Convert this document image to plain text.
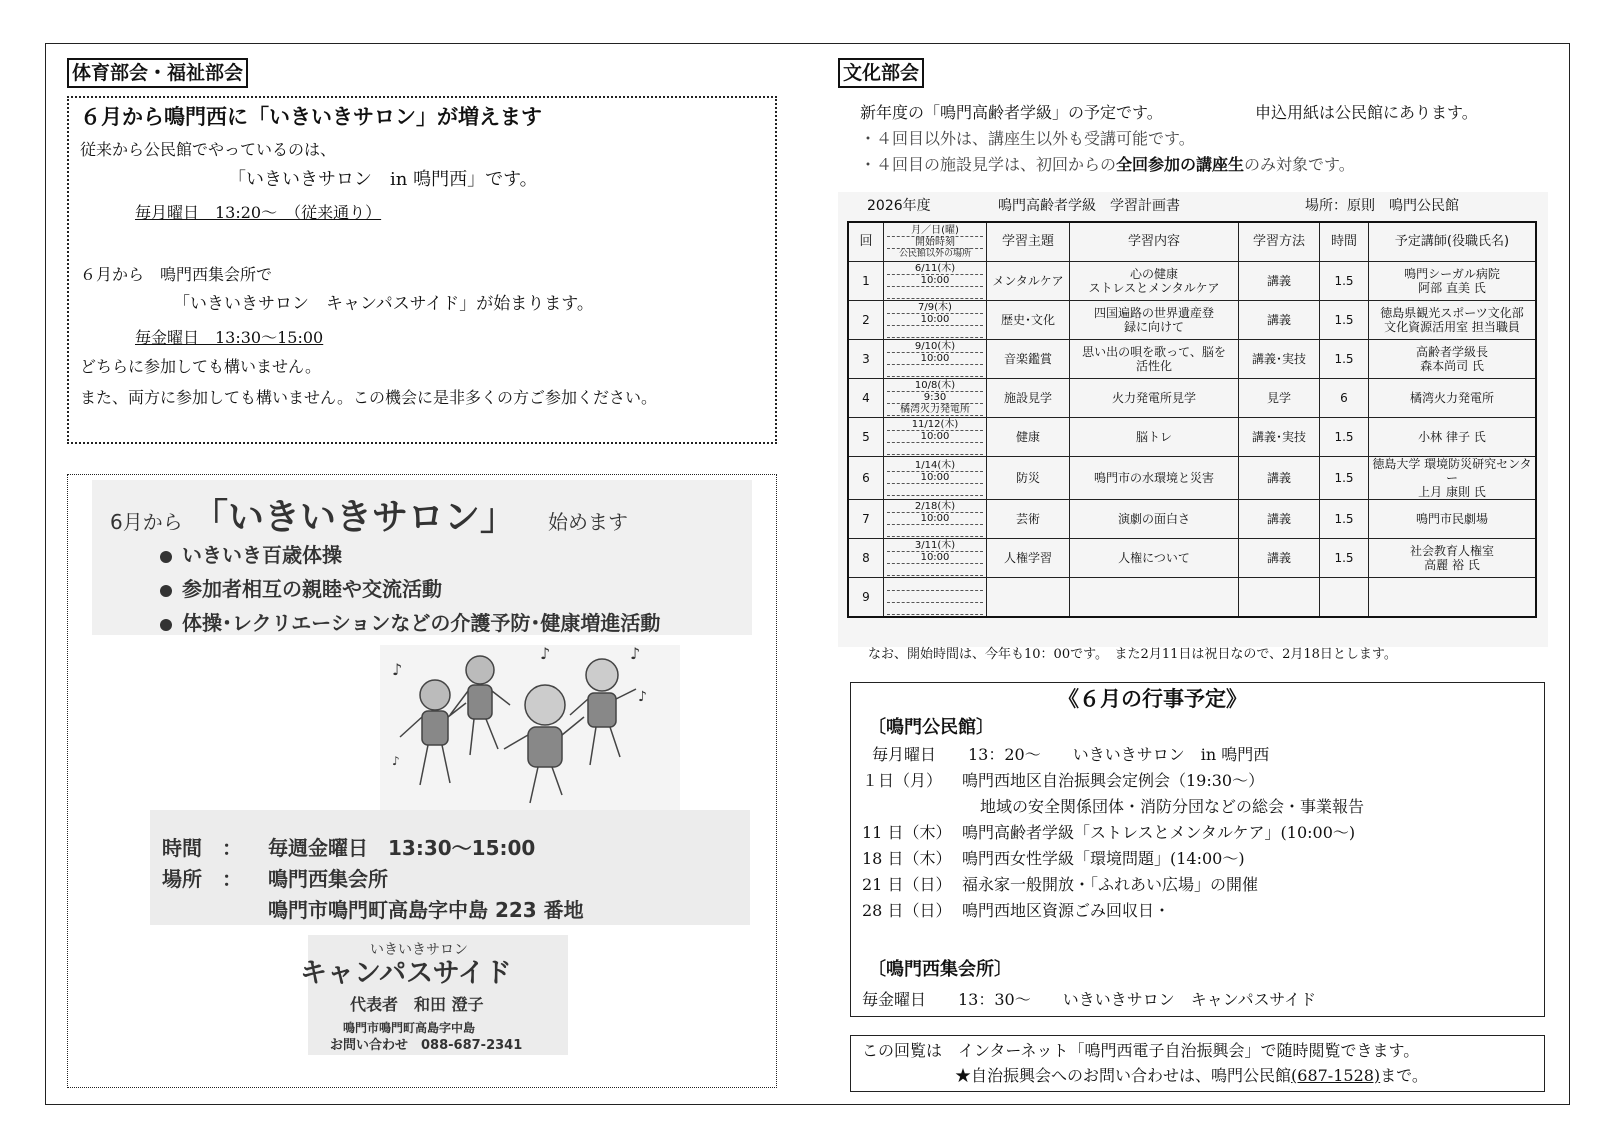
体育部会・福祉部会
６月から鳴門西に「いきいきサロン」が増えます
従来から公民館でやっているのは、
「いきいきサロン　in 鳴門西」です。
毎月曜日　13:20～　（従来通り）
６月から　鳴門西集会所で
「いきいきサロン　キャンパスサイド」が始まります。
毎金曜日　13:30～15:00
どちらに参加しても構いません。
また、両方に参加しても構いません。この機会に是非多くの方ご参加ください。
6月から 「いきいきサロン」 始めます
いきいき百歳体操
参加者相互の親睦や交流活動
体操･レクリエーションなどの介護予防･健康増進活動
♪
♪	♪
♪
♪
時間　： 毎週金曜日　13:30～15:00
場所　： 鳴門西集会所
鳴門市鳴門町高島字中島 223 番地
いきいきサロン
キャンパスサイド
代表者　和田 澄子
鳴門市鳴門町高島字中島
お問い合わせ　088-687-2341
文化部会
新年度の「鳴門高齢者学級」の予定です。	申込用紙は公民館にあります。
・４回目以外は、講座生以外も受講可能です。
・４回目の施設見学は、初回からの全回参加の講座生のみ対象です。
2026年度	鳴門高齢者学級　学習計画書	場所：原則　鳴門公民館
回	月／日(曜)
開始時刻
公民館以外の場所	学習主題	学習内容	学習方法	時間	予定講師(役職氏名)
1	6/11(木)
10:00	メンタルケア	心の健康
ストレスとメンタルケア	講義	1.5	鳴門シーガル病院
阿部 直美 氏
2	7/9(木)
10:00	歴史･文化	四国遍路の世界遺産登
録に向けて	講義	1.5	徳島県観光スポーツ文化部
文化資源活用室 担当職員
3	9/10(木)
10:00	音楽鑑賞	思い出の唄を歌って、脳を
活性化	講義･実技	1.5	高齢者学級長
森本尚司 氏
4	10/8(木)
9:30
橘湾火力発電所	施設見学	火力発電所見学	見学	6	橘湾火力発電所
5	11/12(木)
10:00	健康	脳トレ	講義･実技	1.5	小林 律子 氏
6	1/14(木)
10:00	防災	鳴門市の水環境と災害	講義	1.5	徳島大学 環境防災研究センター
上月 康則 氏
7	2/18(木)
10:00	芸術	演劇の面白さ	講義	1.5	鳴門市民劇場
8	3/11(木)
10:00	人権学習	人権について	講義	1.5	社会教育人権室
高麗 裕 氏
9	

なお、開始時間は、今年も10：00です。　また2月11日は祝日なので、2月18日とします。
《６月の行事予定》
〔鳴門公民館〕
毎月曜日　　13：20～　　いきいきサロン　in 鳴門西
１日（月） 鳴門西地区自治振興会定例会（19:30～）
地域の安全関係団体・消防分団などの総会・事業報告
11 日（木） 鳴門高齢者学級「ストレスとメンタルケア」(10:00～)
18 日（木） 鳴門西女性学級「環境問題」(14:00～)
21 日（日） 福永家一般開放・「ふれあい広場」の開催
28 日（日） 鳴門西地区資源ごみ回収日・
〔鳴門西集会所〕
毎金曜日　　13：30～　　いきいきサロン　キャンパスサイド
この回覧は　インターネット「鳴門西電子自治振興会」で随時閲覧できます。
★自治振興会へのお問い合わせは、鳴門公民館(687-1528)まで。
